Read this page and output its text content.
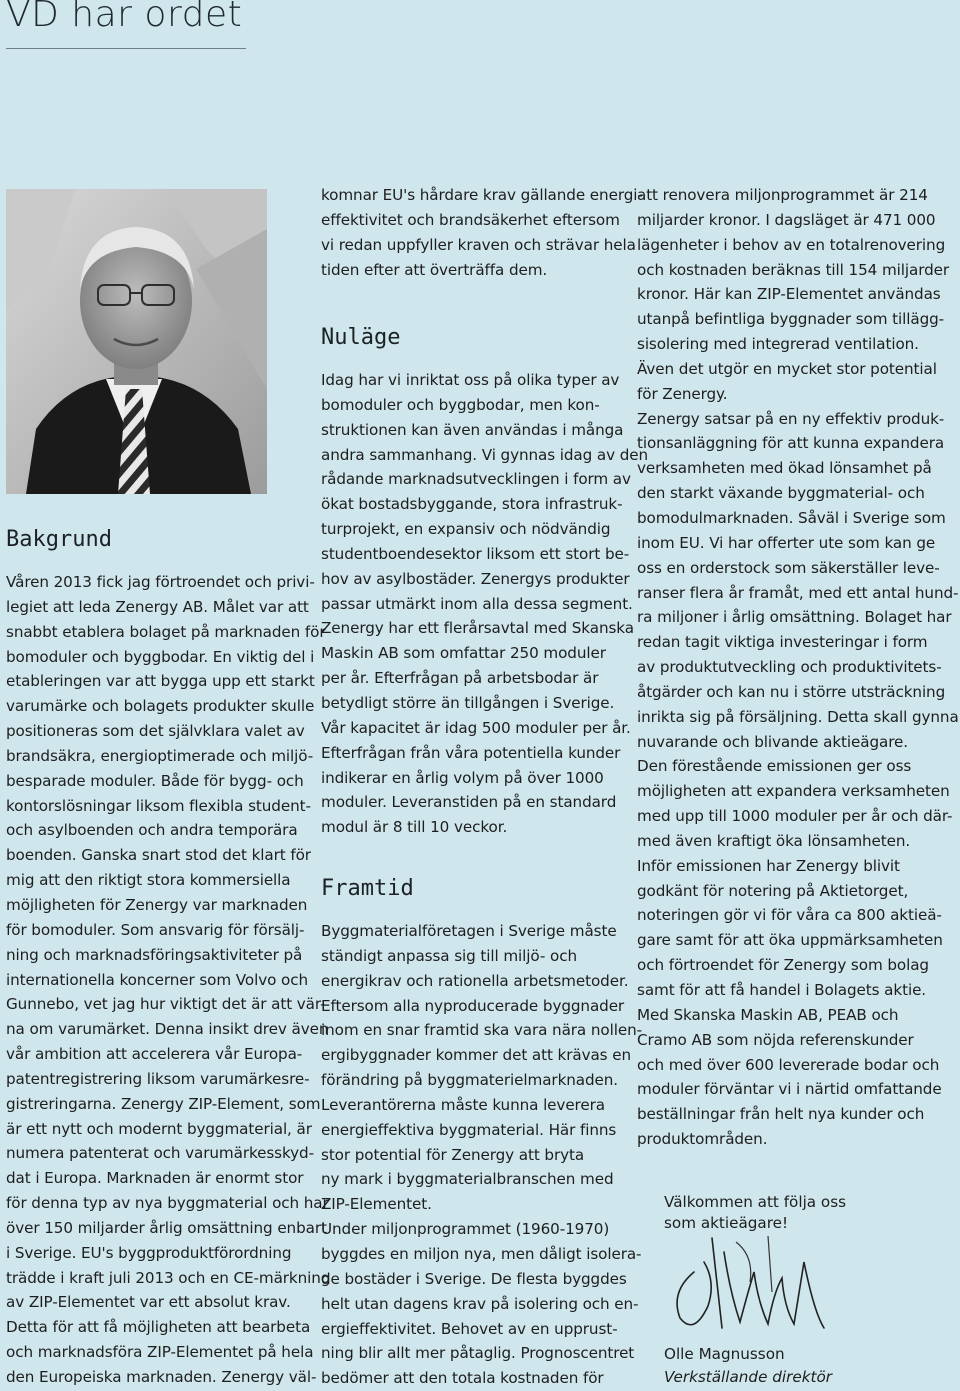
VD har ordet
Bakgrund

Våren 2013 fick jag förtroendet och privi-

legiet att leda Zenergy AB. Målet var att

snabbt etablera bolaget på marknaden för

bomoduler och byggbodar. En viktig del i

etableringen var att bygga upp ett starkt

varumärke och bolagets produkter skulle

positioneras som det självklara valet av

brandsäkra, energioptimerade och miljö-

besparade moduler. Både för bygg- och

kontorslösningar liksom flexibla student-

och asylboenden och andra temporära

boenden. Ganska snart stod det klart för

mig att den riktigt stora kommersiella

möjligheten för Zenergy var marknaden

för bomoduler. Som ansvarig för försälj-

ning och marknadsföringsaktiviteter på

internationella koncerner som Volvo och

Gunnebo, vet jag hur viktigt det är att vär-

na om varumärket. Denna insikt drev även

vår ambition att accelerera vår Europa-

patentregistrering liksom varumärkesre-

gistreringarna. Zenergy ZIP-Element, som

är ett nytt och modernt byggmaterial, är

numera patenterat och varumärkesskyd-

dat i Europa. Marknaden är enormt stor

för denna typ av nya byggmaterial och har

över 150 miljarder årlig omsättning enbart

i Sverige. EU's byggproduktförordning

trädde i kraft juli 2013 och en CE-märkning

av ZIP-Elementet var ett absolut krav.

Detta för att få möjligheten att bearbeta

och marknadsföra ZIP-Elementet på hela

den Europeiska marknaden. Zenergy väl-

komnar EU's hårdare krav gällande energi-

effektivitet och brandsäkerhet eftersom

vi redan uppfyller kraven och strävar hela

tiden efter att överträffa dem.

Nuläge

Idag har vi inriktat oss på olika typer av

bomoduler och byggbodar, men kon-

struktionen kan även användas i många

andra sammanhang. Vi gynnas idag av den

rådande marknadsutvecklingen i form av

ökat bostadsbyggande, stora infrastruk-

turprojekt, en expansiv och nödvändig

studentboendesektor liksom ett stort be-

hov av asylbostäder. Zenergys produkter

passar utmärkt inom alla dessa segment.

Zenergy har ett flerårsavtal med Skanska

Maskin AB som omfattar 250 moduler

per år. Efterfrågan på arbetsbodar är

betydligt större än tillgången i Sverige.

Vår kapacitet är idag 500 moduler per år.

Efterfrågan från våra potentiella kunder

indikerar en årlig volym på över 1000

moduler. Leveranstiden på en standard

modul är 8 till 10 veckor.

Framtid

Byggmaterialföretagen i Sverige måste

ständigt anpassa sig till miljö- och

energikrav och rationella arbetsmetoder.

Eftersom alla nyproducerade byggnader

inom en snar framtid ska vara nära nollen-

ergibyggnader kommer det att krävas en

förändring på byggmaterielmarknaden.

Leverantörerna måste kunna leverera

energieffektiva byggmaterial. Här finns

stor potential för Zenergy att bryta

ny mark i byggmaterialbranschen med

ZIP-Elementet.

Under miljonprogrammet (1960-1970)

byggdes en miljon nya, men dåligt isolera-

de bostäder i Sverige. De flesta byggdes

helt utan dagens krav på isolering och en-

ergieffektivitet. Behovet av en upprust-

ning blir allt mer påtaglig. Prognoscentret

bedömer att den totala kostnaden för

att renovera miljonprogrammet är 214

miljarder kronor. I dagsläget är 471 000

lägenheter i behov av en totalrenovering

och kostnaden beräknas till 154 miljarder

kronor. Här kan ZIP-Elementet användas

utanpå befintliga byggnader som tillägg-

sisolering med integrerad ventilation.

Även det utgör en mycket stor potential

för Zenergy.

Zenergy satsar på en ny effektiv produk-

tionsanläggning för att kunna expandera

verksamheten med ökad lönsamhet på

den starkt växande byggmaterial- och

bomodulmarknaden. Såväl i Sverige som

inom EU. Vi har offerter ute som kan ge

oss en orderstock som säkerställer leve-

ranser flera år framåt, med ett antal hund-

ra miljoner i årlig omsättning. Bolaget har

redan tagit viktiga investeringar i form

av produktutveckling och produktivitets-

åtgärder och kan nu i större utsträckning

inrikta sig på försäljning. Detta skall gynna

nuvarande och blivande aktieägare.

Den förestående emissionen ger oss

möjligheten att expandera verksamheten

med upp till 1000 moduler per år och där-

med även kraftigt öka lönsamheten.

Inför emissionen har Zenergy blivit

godkänt för notering på Aktietorget,

noteringen gör vi för våra ca 800 aktieä-

gare samt för att öka uppmärksamheten

och förtroendet för Zenergy som bolag

samt för att få handel i Bolagets aktie.

Med Skanska Maskin AB, PEAB och

Cramo AB som nöjda referenskunder

och med över 600 levererade bodar och

moduler förväntar vi i närtid omfattande

beställningar från helt nya kunder och

produktområden.

Välkommen att följa oss

som aktieägare!

Olle Magnusson

Verkställande direktör
